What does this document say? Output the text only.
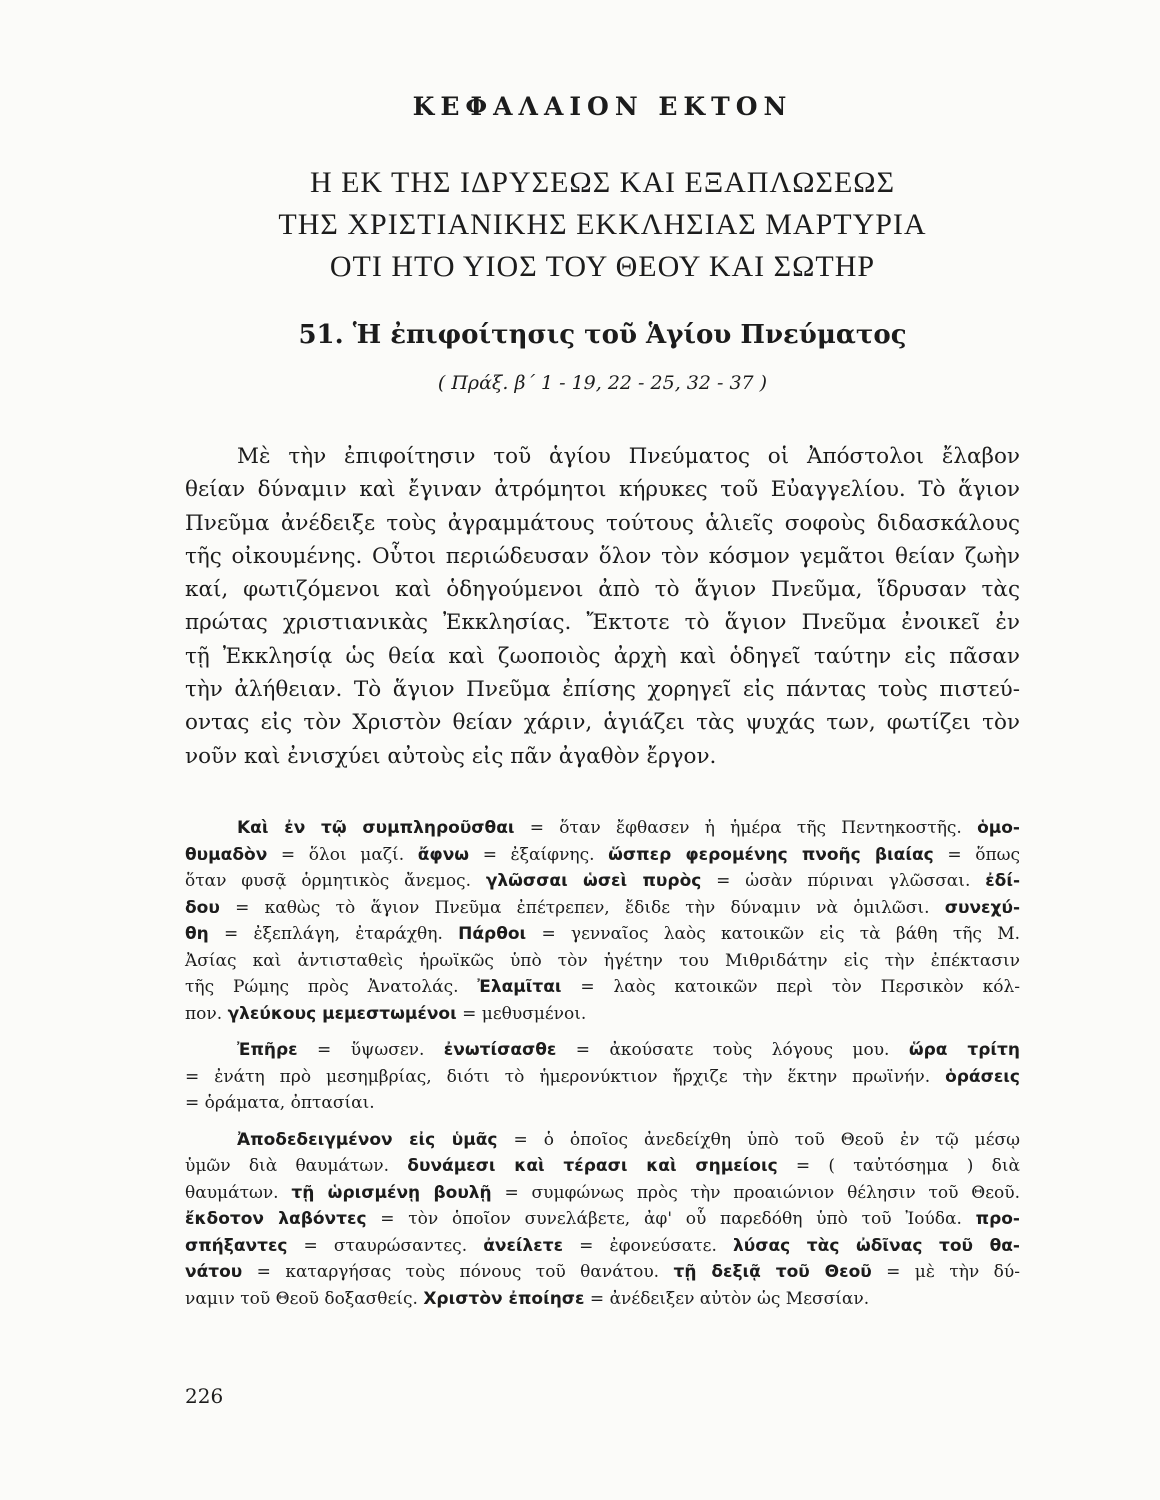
ΚΕΦΑΛΑΙΟΝ ΕΚΤΟΝ
Η ΕΚ ΤΗΣ ΙΔΡΥΣΕΩΣ ΚΑΙ ΕΞΑΠΛΩΣΕΩΣ
ΤΗΣ ΧΡΙΣΤΙΑΝΙΚΗΣ ΕΚΚΛΗΣΙΑΣ ΜΑΡΤΥΡΙΑ
ΟΤΙ ΗΤΟ ΥΙΟΣ ΤΟΥ ΘΕΟΥ ΚΑΙ ΣΩΤΗΡ
51. Ἡ ἐπιφοίτησις τοῦ Ἁγίου Πνεύματος
( Πράξ. β΄ 1 - 19, 22 - 25, 32 - 37 )
Μὲ τὴν ἐπιφοίτησιν τοῦ ἁγίου Πνεύματος οἱ Ἀπόστολοι ἔλαβον
θείαν δύναμιν καὶ ἔγιναν ἀτρόμητοι κήρυκες τοῦ Εὐαγγελίου. Τὸ ἅγιον
Πνεῦμα ἀνέδειξε τοὺς ἀγραμμάτους τούτους ἁλιεῖς σοφοὺς διδασκάλους
τῆς οἰκουμένης. Οὗτοι περιώδευσαν ὅλον τὸν κόσμον γεμᾶτοι θείαν ζωὴν
καί, φωτιζόμενοι καὶ ὁδηγούμενοι ἀπὸ τὸ ἅγιον Πνεῦμα, ἵδρυσαν τὰς
πρώτας χριστιανικὰς Ἐκκλησίας. Ἔκτοτε τὸ ἅγιον Πνεῦμα ἐνοικεῖ ἐν
τῇ Ἐκκλησίᾳ ὡς θεία καὶ ζωοποιὸς ἀρχὴ καὶ ὁδηγεῖ ταύτην εἰς πᾶσαν
τὴν ἀλήθειαν. Τὸ ἅγιον Πνεῦμα ἐπίσης χορηγεῖ εἰς πάντας τοὺς πιστεύ-
οντας εἰς τὸν Χριστὸν θείαν χάριν, ἁγιάζει τὰς ψυχάς των, φωτίζει τὸν
νοῦν καὶ ἐνισχύει αὐτοὺς εἰς πᾶν ἀγαθὸν ἔργον.
Καὶ ἐν τῷ συμπληροῦσθαι = ὅταν ἔφθασεν ἡ ἡμέρα τῆς Πεντηκοστῆς. ὁμο-
θυμαδὸν = ὅλοι μαζί. ἄφνω = ἐξαίφνης. ὥσπερ φερομένης πνοῆς βιαίας = ὅπως
ὅταν φυσᾷ ὁρμητικὸς ἄνεμος. γλῶσσαι ὡσεὶ πυρὸς = ὡσὰν πύριναι γλῶσσαι. ἐδί-
δου = καθὼς τὸ ἅγιον Πνεῦμα ἐπέτρεπεν, ἔδιδε τὴν δύναμιν νὰ ὁμιλῶσι. συνεχύ-
θη = ἐξεπλάγη, ἐταράχθη. Πάρθοι = γενναῖος λαὸς κατοικῶν εἰς τὰ βάθη τῆς Μ.
Ἀσίας καὶ ἀντισταθεὶς ἡρωϊκῶς ὑπὸ τὸν ἡγέτην του Μιθριδάτην εἰς τὴν ἐπέκτασιν
τῆς Ρώμης πρὸς Ἀνατολάς. Ἐλαμῖται = λαὸς κατοικῶν περὶ τὸν Περσικὸν κόλ-
πον. γλεύκους μεμεστωμένοι = μεθυσμένοι.
Ἐπῆρε = ὕψωσεν. ἐνωτίσασθε = ἀκούσατε τοὺς λόγους μου. ὥρα τρίτη
= ἐνάτη πρὸ μεσημβρίας, διότι τὸ ἡμερονύκτιον ἤρχιζε τὴν ἕκτην πρωϊνήν. ὁράσεις
= ὁράματα, ὀπτασίαι.
Ἀποδεδειγμένον εἰς ὑμᾶς = ὁ ὁποῖος ἀνεδείχθη ὑπὸ τοῦ Θεοῦ ἐν τῷ μέσῳ
ὑμῶν διὰ θαυμάτων. δυνάμεσι καὶ τέρασι καὶ σημείοις = ( ταὐτόσημα ) διὰ
θαυμάτων. τῇ ὡρισμένῃ βουλῇ = συμφώνως πρὸς τὴν προαιώνιον θέλησιν τοῦ Θεοῦ.
ἔκδοτον λαβόντες = τὸν ὁποῖον συνελάβετε, ἀφ' οὗ παρεδόθη ὑπὸ τοῦ Ἰούδα. προ-
σπήξαντες = σταυρώσαντες. ἀνείλετε = ἐφονεύσατε. λύσας τὰς ὠδῖνας τοῦ θα-
νάτου = καταργήσας τοὺς πόνους τοῦ θανάτου. τῇ δεξιᾷ τοῦ Θεοῦ = μὲ τὴν δύ-
ναμιν τοῦ Θεοῦ δοξασθείς. Χριστὸν ἐποίησε = ἀνέδειξεν αὐτὸν ὡς Μεσσίαν.
226
